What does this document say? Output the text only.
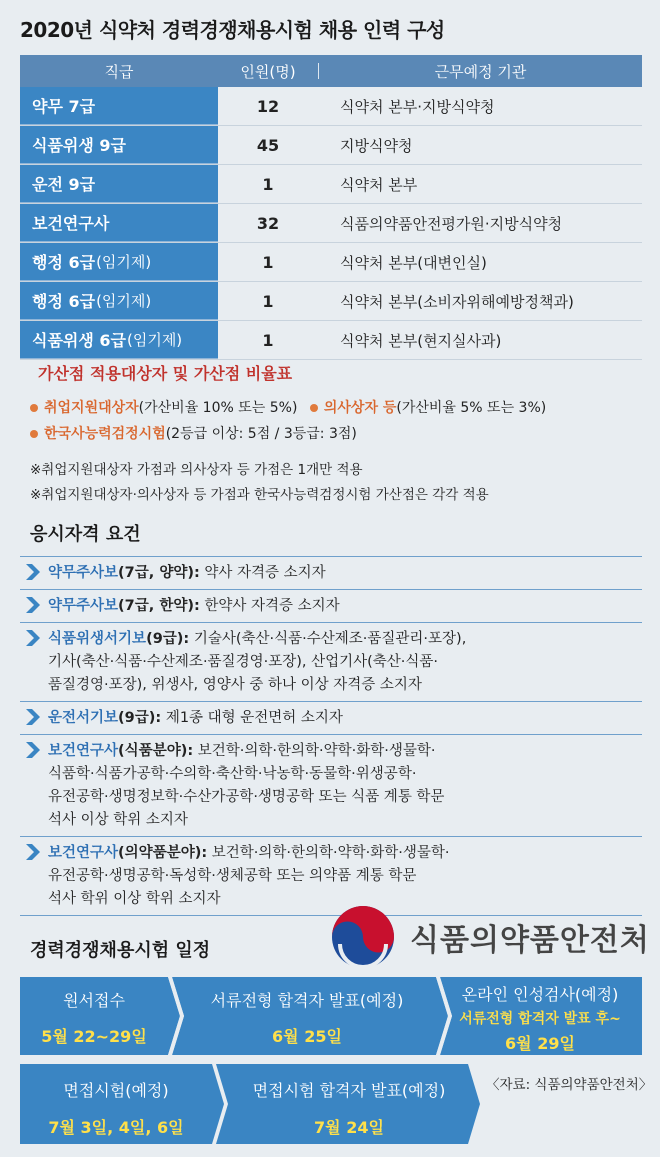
2020년 식약처 경력경쟁채용시험 채용 인력 구성
직급	인원(명)	근무예정 기관
약무 7급	12	식약처 본부·지방식약청
식품위생 9급	45	지방식약청
운전 9급	1	식약처 본부
보건연구사	32	식품의약품안전평가원·지방식약청
행정 6급 (임기제)	1	식약처 본부(대변인실)
행정 6급 (임기제)	1	식약처 본부(소비자위해예방정책과)
식품위생 6급 (임기제)	1	식약처 본부(현지실사과)
가산점 적용대상자 및 가산점 비율표
취업지원대상자(가산비율 10% 또는 5%) 의사상자 등(가산비율 5% 또는 3%)
한국사능력검정시험(2등급 이상: 5점 / 3등급: 3점)
※취업지원대상자 가점과 의사상자 등 가점은 1개만 적용
※취업지원대상자·의사상자 등 가점과 한국사능력검정시험 가산점은 각각 적용
응시자격 요건
약무주사보(7급, 양약): 약사 자격증 소지자
약무주사보(7급, 한약): 한약사 자격증 소지자
식품위생서기보(9급): 기술사(축산·식품·수산제조·품질관리·포장),
기사(축산·식품·수산제조·품질경영·포장), 산업기사(축산·식품·
품질경영·포장), 위생사, 영양사 중 하나 이상 자격증 소지자
운전서기보(9급): 제1종 대형 운전면허 소지자
보건연구사(식품분야): 보건학·의학·한의학·약학·화학·생물학·
식품학·식품가공학·수의학·축산학·낙농학·동물학·위생공학·
유전공학·생명정보학·수산가공학·생명공학 또는 식품 계통 학문
석사 이상 학위 소지자
보건연구사(의약품분야): 보건학·의학·한의학·약학·화학·생물학·
유전공학·생명공학·독성학·생체공학 또는 의약품 계통 학문
석사 학위 이상 학위 소지자
식품의약품안전처
경력경쟁채용시험 일정
원서접수
5월 22~29일
서류전형 합격자 발표(예정)
6월 25일
온라인 인성검사(예정)
서류전형 합격자 발표 후~
6월 29일
면접시험(예정)
7월 3일, 4일, 6일
면접시험 합격자 발표(예정)
7월 24일
〈자료: 식품의약품안전처〉
